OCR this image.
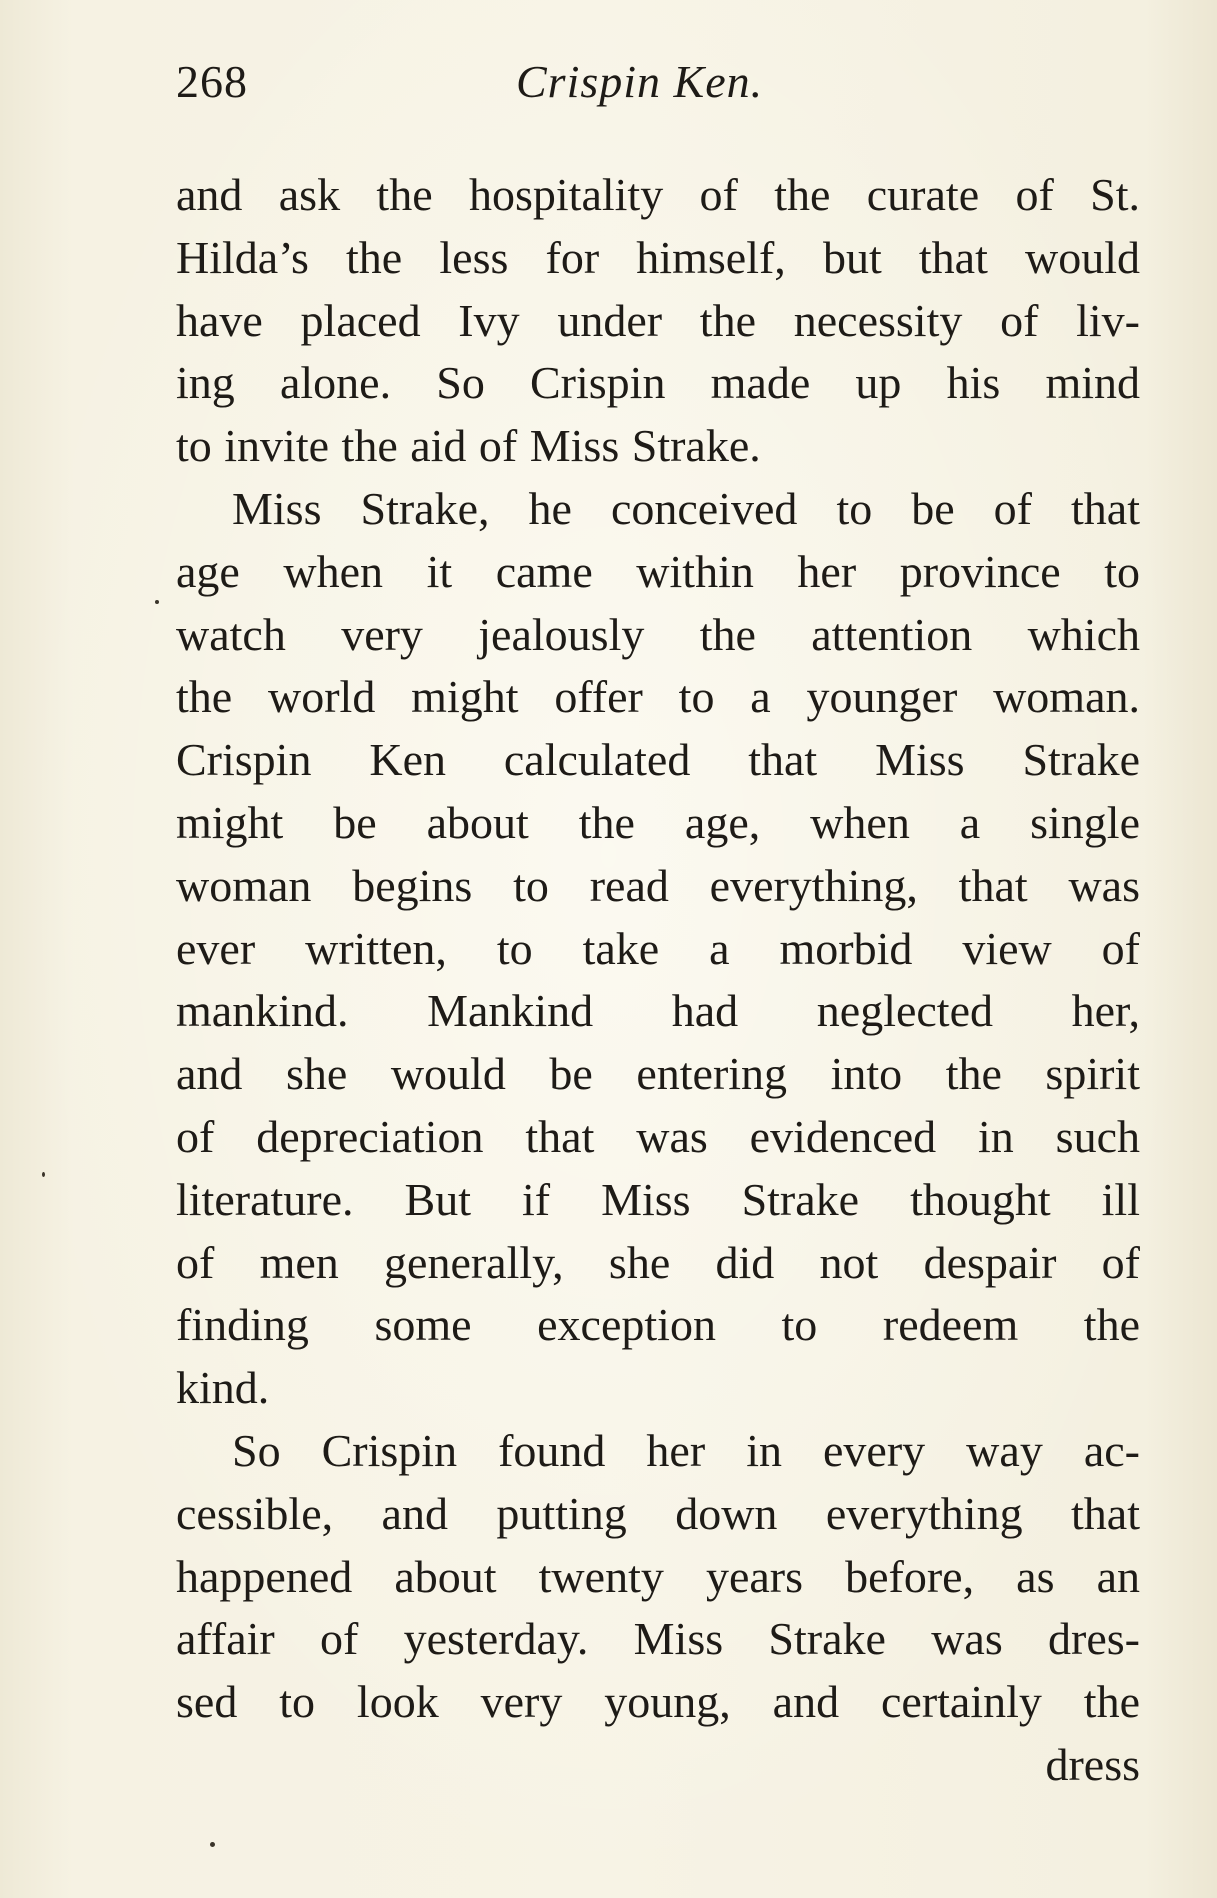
268	Crispin Ken.
and ask the hospitality of the curate of St.
Hilda’s the less for himself, but that would
have placed Ivy under the necessity of liv-
ing alone. So Crispin made up his mind
to invite the aid of Miss Strake.
Miss Strake, he conceived to be of that
age when it came within her province to
watch very jealously the attention which
the world might offer to a younger woman.
Crispin Ken calculated that Miss Strake
might be about the age, when a single
woman begins to read everything, that was
ever written, to take a morbid view of
mankind. Mankind had neglected her,
and she would be entering into the spirit
of depreciation that was evidenced in such
literature. But if Miss Strake thought ill
of men generally, she did not despair of
finding some exception to redeem the
kind.
So Crispin found her in every way ac-
cessible, and putting down everything that
happened about twenty years before, as an
affair of yesterday. Miss Strake was dres-
sed to look very young, and certainly the
dress
